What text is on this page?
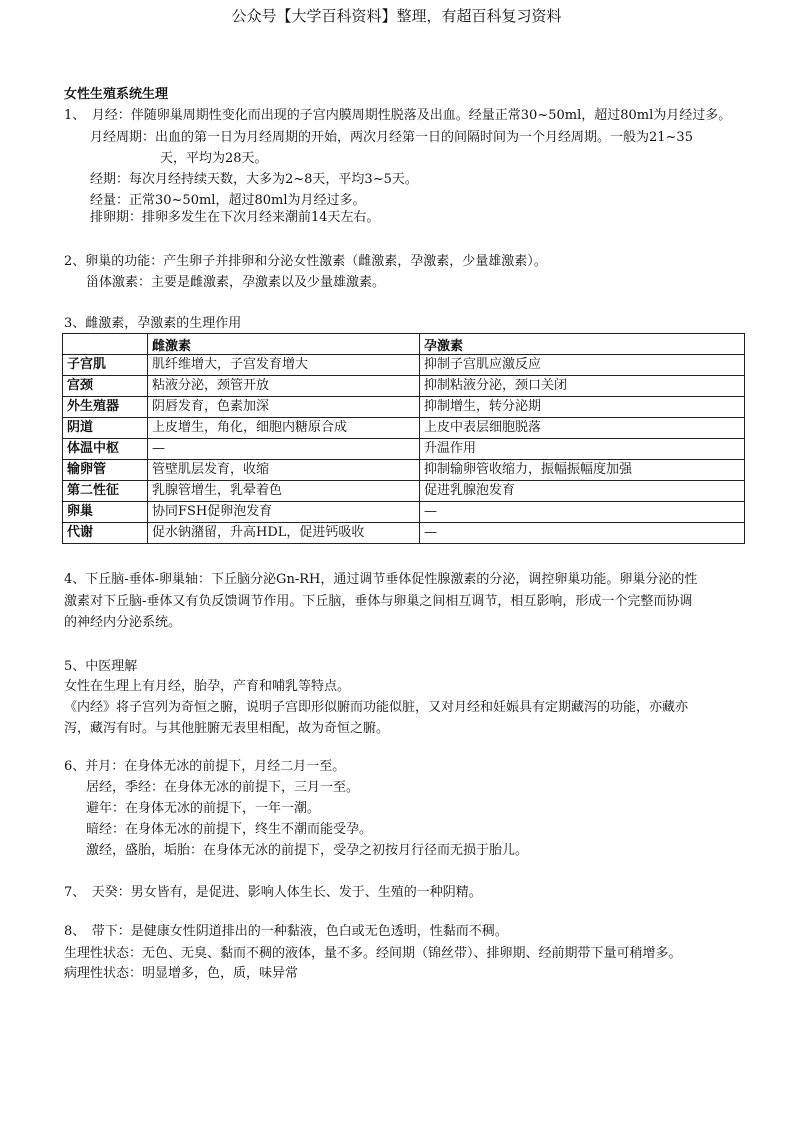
公众号【大学百科资料】整理，有超百科复习资料
女性生殖系统生理
1、　月经：伴随卵巢周期性变化而出现的子宫内膜周期性脱落及出血。经量正常30~50ml，超过80ml为月经过多。
月经周期：出血的第一日为月经周期的开始，两次月经第一日的间隔时间为一个月经周期。一般为21~35
天，平均为28天。
经期：每次月经持续天数，大多为2~8天，平均3~5天。
经量：正常30~50ml，超过80ml为月经过多。
排卵期：排卵多发生在下次月经来潮前14天左右。
2、卵巢的功能：产生卵子并排卵和分泌女性激素（雌激素，孕激素，少量雄激素）。
甾体激素：主要是雌激素，孕激素以及少量雄激素。
3、雌激素，孕激素的生理作用
	雌激素	孕激素
子宫肌	肌纤维增大，子宫发育增大	抑制子宫肌应激反应
宫颈	粘液分泌，颈管开放	抑制粘液分泌，颈口关闭
外生殖器	阴唇发育，色素加深	抑制增生，转分泌期
阴道	上皮增生，角化，细胞内糖原合成	上皮中表层细胞脱落
体温中枢	—	升温作用
输卵管	管壁肌层发育，收缩	抑制输卵管收缩力，振幅振幅度加强
第二性征	乳腺管增生，乳晕着色	促进乳腺泡发育
卵巢	协同FSH促卵泡发育	—
代谢	促水钠潴留，升高HDL，促进钙吸收	—
4、下丘脑-垂体-卵巢轴：下丘脑分泌Gn-RH，通过调节垂体促性腺激素的分泌，调控卵巢功能。卵巢分泌的性
激素对下丘脑-垂体又有负反馈调节作用。下丘脑，垂体与卵巢之间相互调节，相互影响，形成一个完整而协调
的神经内分泌系统。
5、中医理解
女性在生理上有月经，胎孕，产育和哺乳等特点。
《内经》将子宫列为奇恒之腑，说明子宫即形似腑而功能似脏，又对月经和妊娠具有定期藏泻的功能，亦藏亦
泻，藏泻有时。与其他脏腑无表里相配，故为奇恒之腑。
6、并月：在身体无冰的前提下，月经二月一至。
居经，季经：在身体无冰的前提下，三月一至。
避年：在身体无冰的前提下，一年一潮。
暗经：在身体无冰的前提下，终生不潮而能受孕。
激经，盛胎，垢胎：在身体无冰的前提下，受孕之初按月行径而无损于胎儿。
7、　天癸：男女皆有，是促进、影响人体生长、发于、生殖的一种阴精。
8、　带下：是健康女性阴道排出的一种黏液，色白或无色透明，性黏而不稠。
生理性状态：无色、无臭、黏而不稠的液体，量不多。经间期（锦丝带）、排卵期、经前期带下量可稍增多。
病理性状态：明显增多，色，质，味异常
